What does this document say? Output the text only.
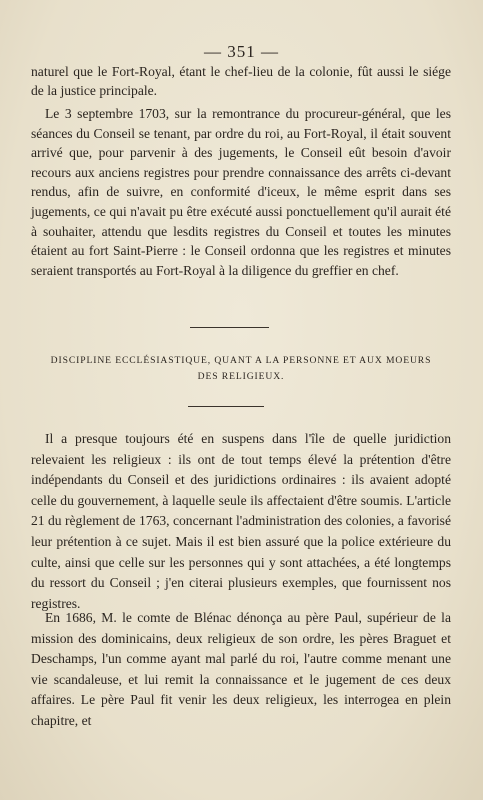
— 351 —

naturel que le Fort-Royal, étant le chef-lieu de la colonie, fût aussi le siége de la justice principale.

Le 3 septembre 1703, sur la remontrance du procureur-général, que les séances du Conseil se tenant, par ordre du roi, au Fort-Royal, il était souvent arrivé que, pour parvenir à des jugements, le Conseil eût besoin d'avoir recours aux anciens registres pour prendre connaissance des arrêts ci-devant rendus, afin de suivre, en conformité d'iceux, le même esprit dans ses jugements, ce qui n'avait pu être exécuté aussi ponctuellement qu'il aurait été à souhaiter, attendu que lesdits registres du Conseil et toutes les minutes étaient au fort Saint-Pierre : le Conseil ordonna que les registres et minutes seraient transportés au Fort-Royal à la diligence du greffier en chef.

DISCIPLINE ECCLÉSIASTIQUE, QUANT A LA PERSONNE ET AUX MOEURS
DES RELIGIEUX.

Il a presque toujours été en suspens dans l'île de quelle juridiction relevaient les religieux : ils ont de tout temps élevé la prétention d'être indépendants du Conseil et des juridictions ordinaires : ils avaient adopté celle du gouvernement, à laquelle seule ils affectaient d'être soumis. L'article 21 du règlement de 1763, concernant l'administration des colonies, a favorisé leur prétention à ce sujet. Mais il est bien assuré que la police extérieure du culte, ainsi que celle sur les personnes qui y sont attachées, a été longtemps du ressort du Conseil ; j'en citerai plusieurs exemples, que fournissent nos registres.

En 1686, M. le comte de Blénac dénonça au père Paul, supérieur de la mission des dominicains, deux religieux de son ordre, les pères Braguet et Deschamps, l'un comme ayant mal parlé du roi, l'autre comme menant une vie scandaleuse, et lui remit la connaissance et le jugement de ces deux affaires. Le père Paul fit venir les deux religieux, les interrogea en plein chapitre, et
